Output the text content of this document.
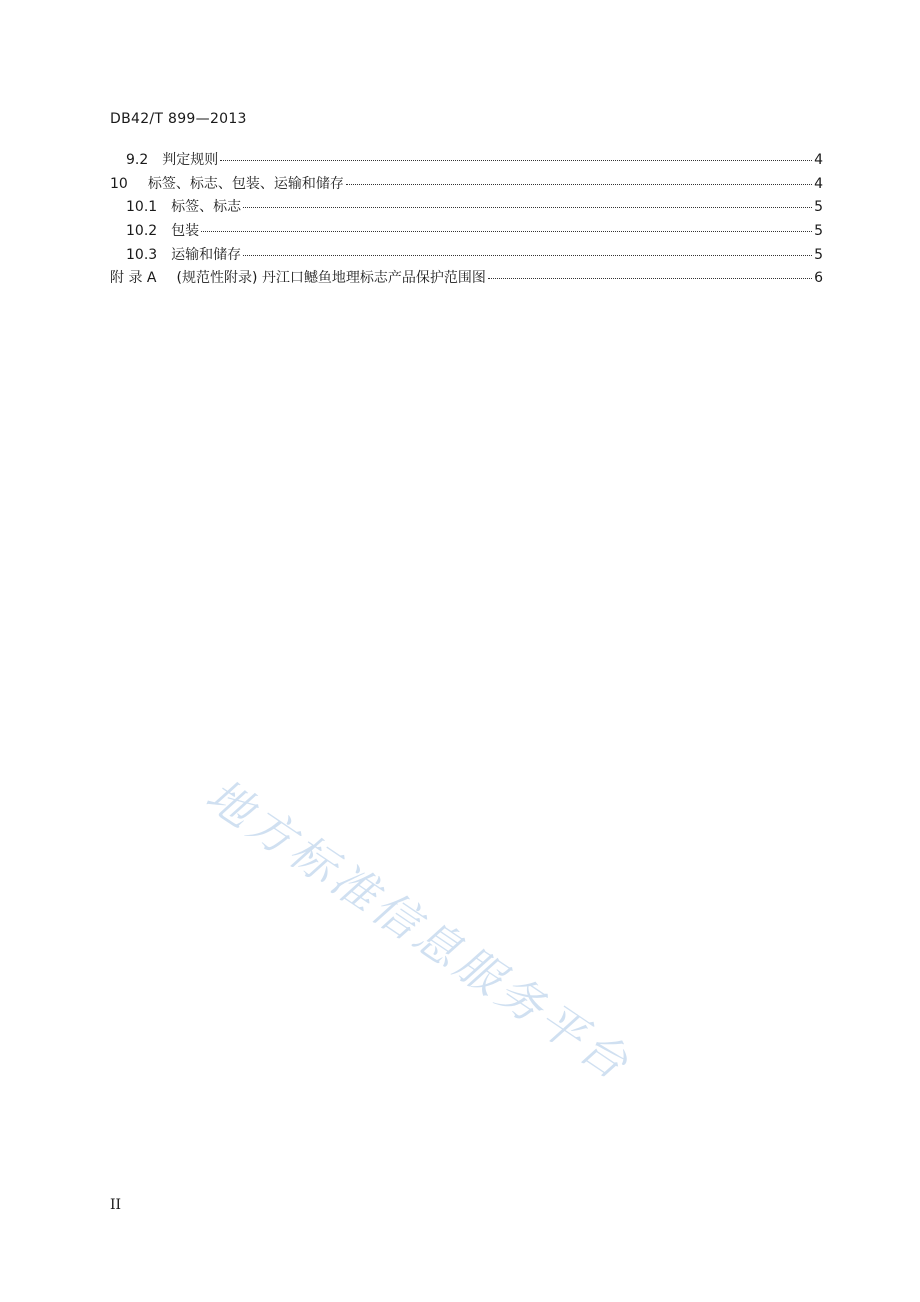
DB42/T 899—2013
9.2 判定规则	4
10 标签、标志、包装、运输和储存	4
10.1 标签、标志	5
10.2 包装	5
10.3 运输和储存	5
附 录 A (规范性附录) 丹江口鳡鱼地理标志产品保护范围图	6
地方标准信息服务平台
II
